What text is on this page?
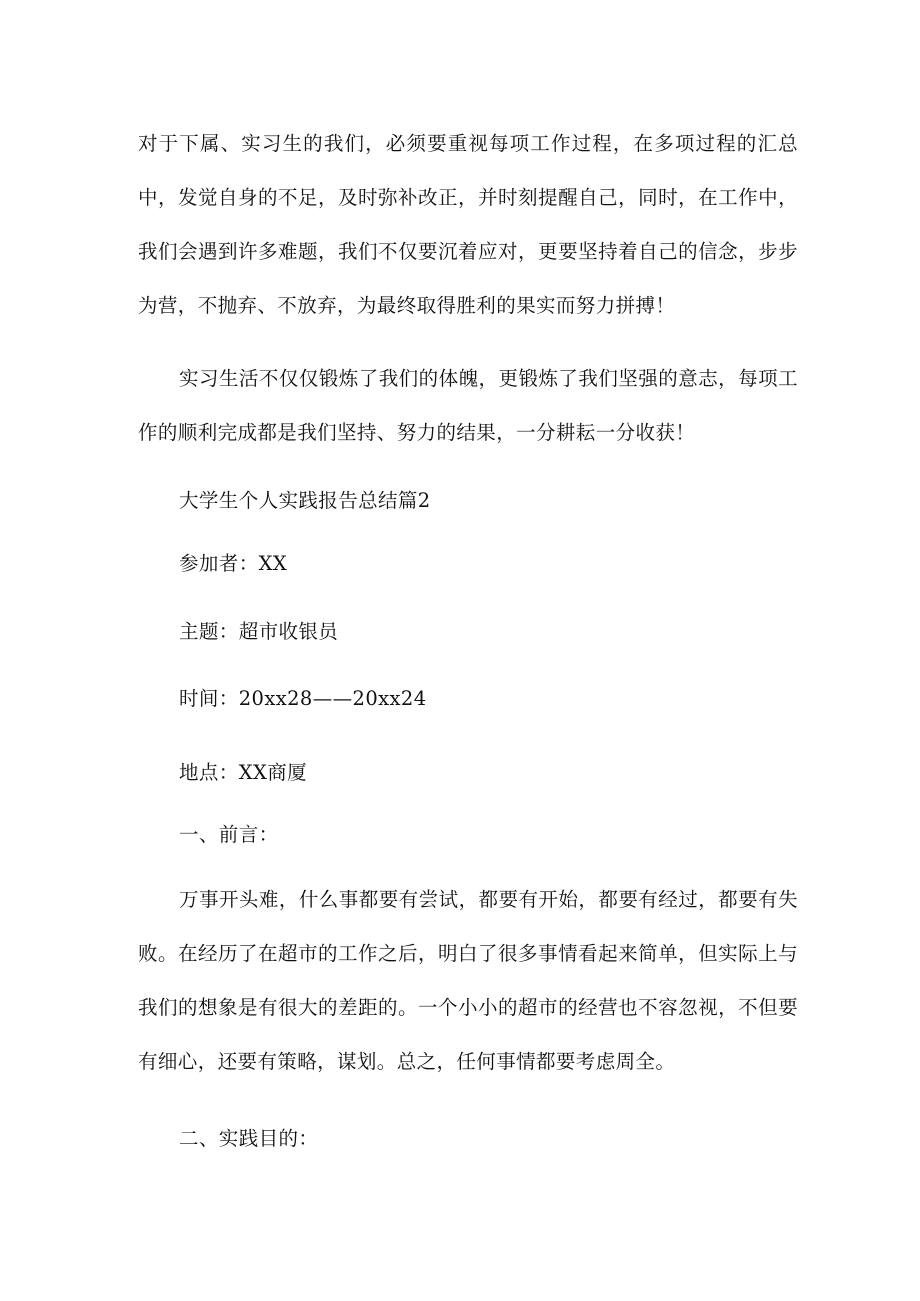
对于下属、实习生的我们，必须要重视每项工作过程，在多项过程的汇总中，发觉自身的不足，及时弥补改正，并时刻提醒自己，同时，在工作中，我们会遇到许多难题，我们不仅要沉着应对，更要坚持着自己的信念，步步为营，不抛弃、不放弃，为最终取得胜利的果实而努力拼搏！

实习生活不仅仅锻炼了我们的体魄，更锻炼了我们坚强的意志，每项工作的顺利完成都是我们坚持、努力的结果，一分耕耘一分收获！

大学生个人实践报告总结篇2

参加者：XX

主题：超市收银员

时间：20xx28——20xx24

地点：XX商厦

一、前言：

万事开头难，什么事都要有尝试，都要有开始，都要有经过，都要有失败。在经历了在超市的工作之后，明白了很多事情看起来简单，但实际上与我们的想象是有很大的差距的。一个小小的超市的经营也不容忽视，不但要有细心，还要有策略，谋划。总之，任何事情都要考虑周全。

二、实践目的：
